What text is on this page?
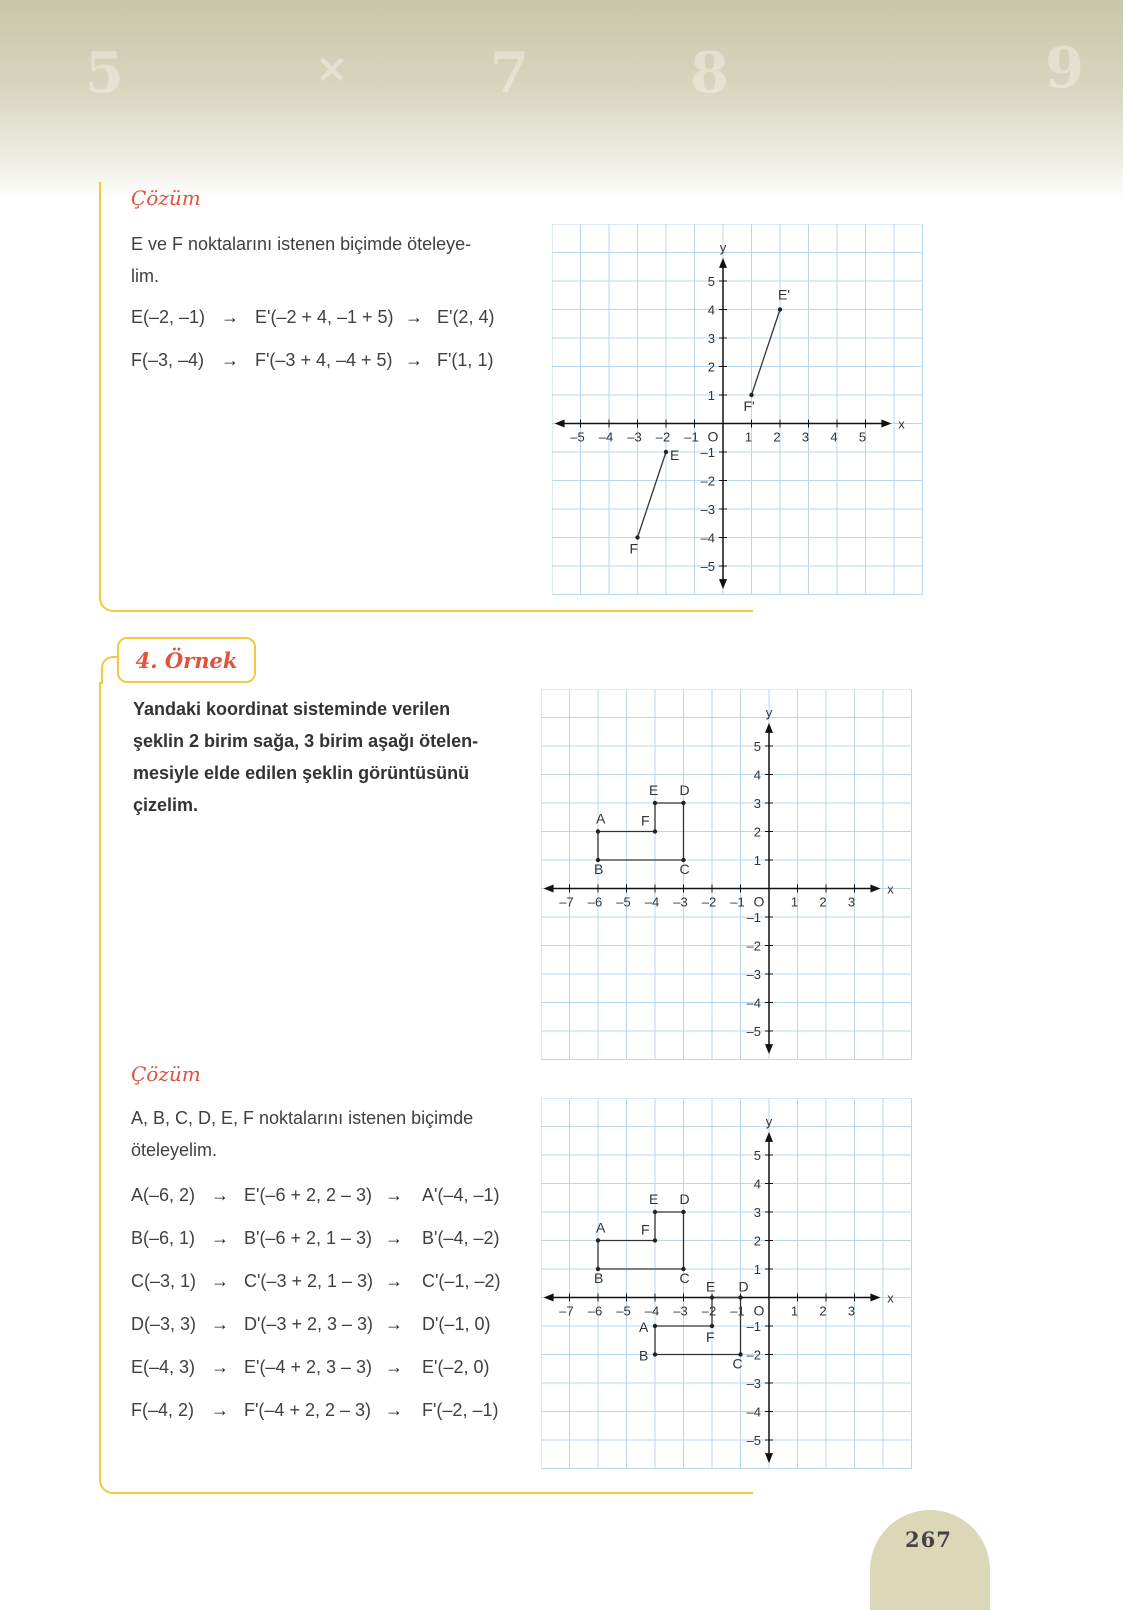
5	×	7	8	9
Çözüm
E ve F noktalarını istenen biçimde öteleye-
lim.
E(–2, –1) → E'(–2 + 4, –1 + 5) → E'(2, 4)
F(–3, –4) → F'(–3 + 4, –4 + 5) → F'(1, 1)
x
y
O
–5 –4 –3 –2 –1	1 2 3 4 5
–5
–4
–3
–2
–1
1
2
3
4
5
E
F
E'
F'
4. Örnek
Yandaki koordinat sisteminde verilen
şeklin 2 birim sağa, 3 birim aşağı ötelen-
mesiyle elde edilen şeklin görüntüsünü
çizelim.
x
y
O
–7 –6 –5 –4 –3 –2 –1	1 2 3
–5
–4
–3
–2
–1
1
2
3
4
5
A
B	C
D
E
F
Çözüm
A, B, C, D, E, F noktalarını istenen biçimde
öteleyelim.
A(–6, 2) → E'(–6 + 2, 2 – 3) → A'(–4, –1)
B(–6, 1) → B'(–6 + 2, 1 – 3) → B'(–4, –2)
C(–3, 1) → C'(–3 + 2, 1 – 3) → C'(–1, –2)
D(–3, 3) → D'(–3 + 2, 3 – 3) → D'(–1, 0)
E(–4, 3) → E'(–4 + 2, 3 – 3) → E'(–2, 0)
F(–4, 2) → F'(–4 + 2, 2 – 3) → F'(–2, –1)
x
y
O
–7 –6 –5 –4 –3 –2 –1	1 2 3
–5
–4
–3
–2
–1
1
2
3
4
5
A
B	C
D
E
F
A
B	C
D
E
F
267
